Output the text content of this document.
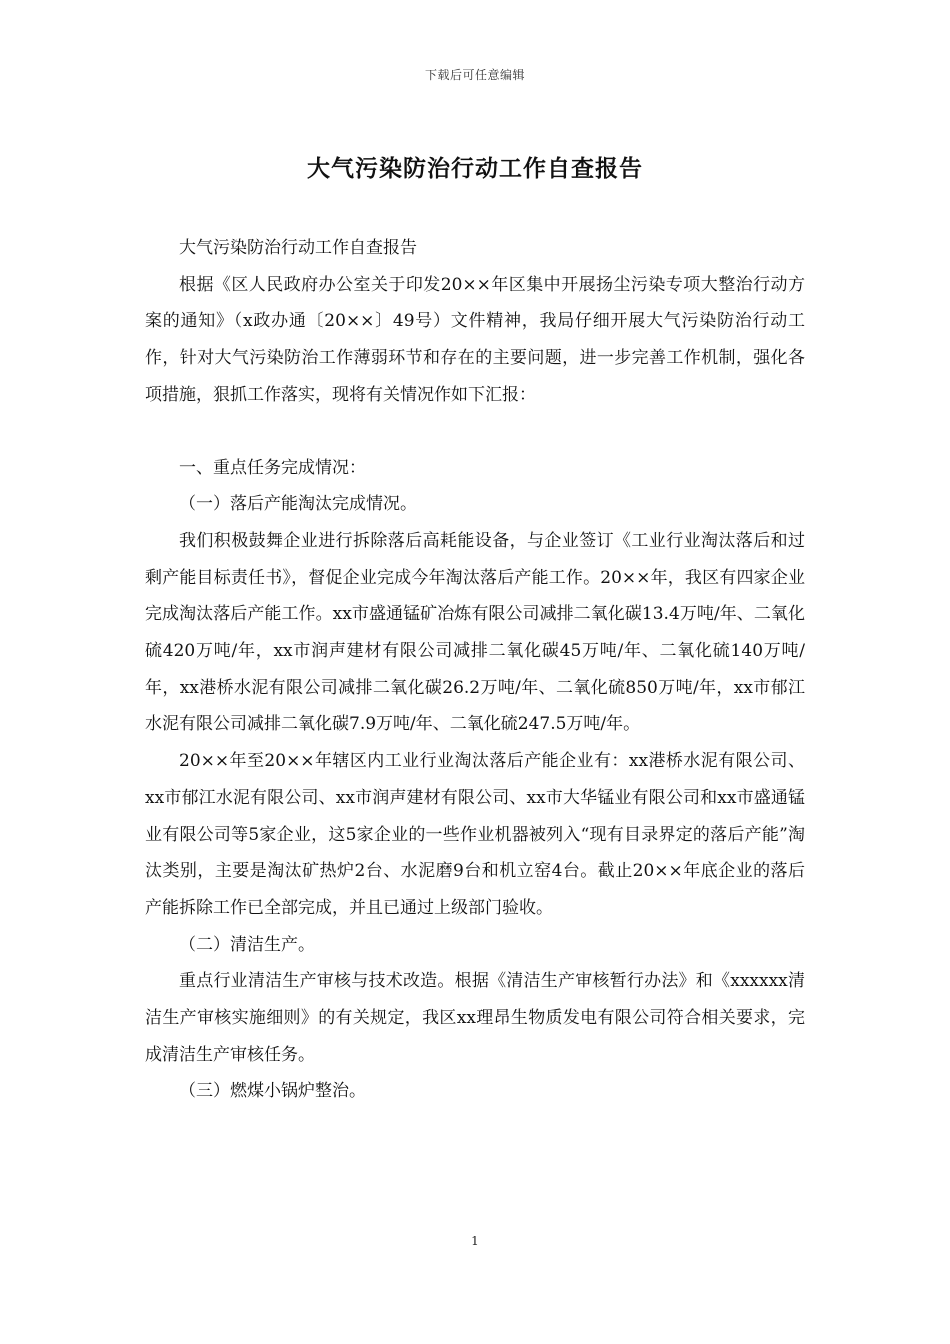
下载后可任意编辑
大气污染防治行动工作自查报告

大气污染防治行动工作自查报告

根据《区人民政府办公室关于印发20××年区集中开展扬尘污染专项大整治行动方案的通知》（x政办通〔20××〕49号）文件精神，我局仔细开展大气污染防治行动工作，针对大气污染防治工作薄弱环节和存在的主要问题，进一步完善工作机制，强化各项措施，狠抓工作落实，现将有关情况作如下汇报：

一、重点任务完成情况：

（一）落后产能淘汰完成情况。

我们积极鼓舞企业进行拆除落后高耗能设备，与企业签订《工业行业淘汰落后和过剩产能目标责任书》，督促企业完成今年淘汰落后产能工作。20××年，我区有四家企业完成淘汰落后产能工作。xx市盛通锰矿冶炼有限公司减排二氧化碳13.4万吨/年、二氧化硫420万吨/年，xx市润声建材有限公司减排二氧化碳45万吨/年、二氧化硫140万吨/年，xx港桥水泥有限公司减排二氧化碳26.2万吨/年、二氧化硫850万吨/年，xx市郁江水泥有限公司减排二氧化碳7.9万吨/年、二氧化硫247.5万吨/年。

20××年至20××年辖区内工业行业淘汰落后产能企业有：xx港桥水泥有限公司、xx市郁江水泥有限公司、xx市润声建材有限公司、xx市大华锰业有限公司和xx市盛通锰业有限公司等5家企业，这5家企业的一些作业机器被列入“现有目录界定的落后产能”淘汰类别，主要是淘汰矿热炉2台、水泥磨9台和机立窑4台。截止20××年底企业的落后产能拆除工作已全部完成，并且已通过上级部门验收。

（二）清洁生产。

重点行业清洁生产审核与技术改造。根据《清洁生产审核暂行办法》和《xxxxxx清洁生产审核实施细则》的有关规定，我区xx理昂生物质发电有限公司符合相关要求，完成清洁生产审核任务。

（三）燃煤小锅炉整治。

1
